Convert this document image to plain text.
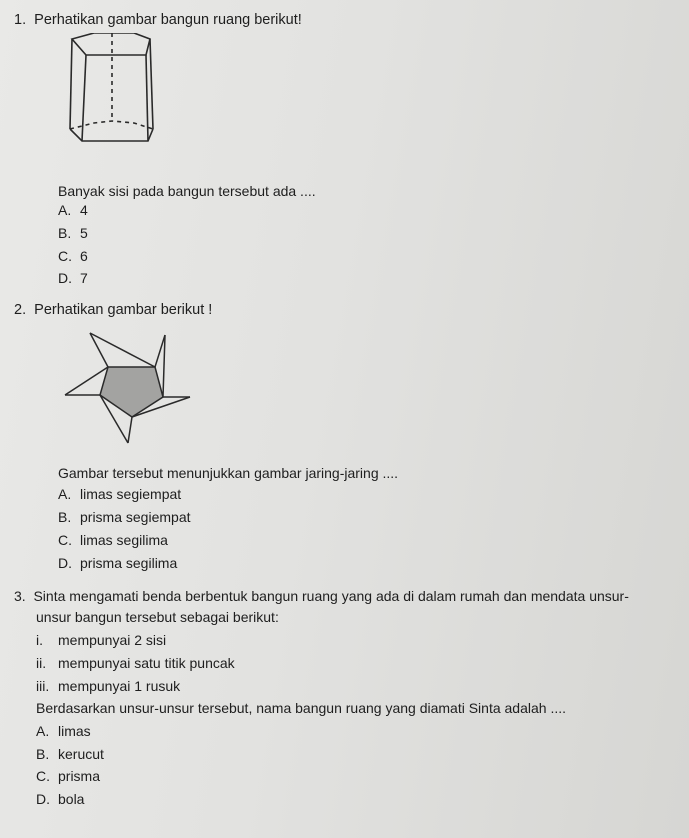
1. Perhatikan gambar bangun ruang berikut!
Banyak sisi pada bangun tersebut ada ....
A. 4
B. 5
C. 6
D. 7
2. Perhatikan gambar berikut !
Gambar tersebut menunjukkan gambar jaring-jaring ....
A. limas segiempat
B. prisma segiempat
C. limas segilima
D. prisma segilima
3. Sinta mengamati benda berbentuk bangun ruang yang ada di dalam rumah dan mendata unsur-
unsur bangun tersebut sebagai berikut:
i. mempunyai 2 sisi
ii. mempunyai satu titik puncak
iii. mempunyai 1 rusuk
Berdasarkan unsur-unsur tersebut, nama bangun ruang yang diamati Sinta adalah ....
A. limas
B. kerucut
C. prisma
D. bola
